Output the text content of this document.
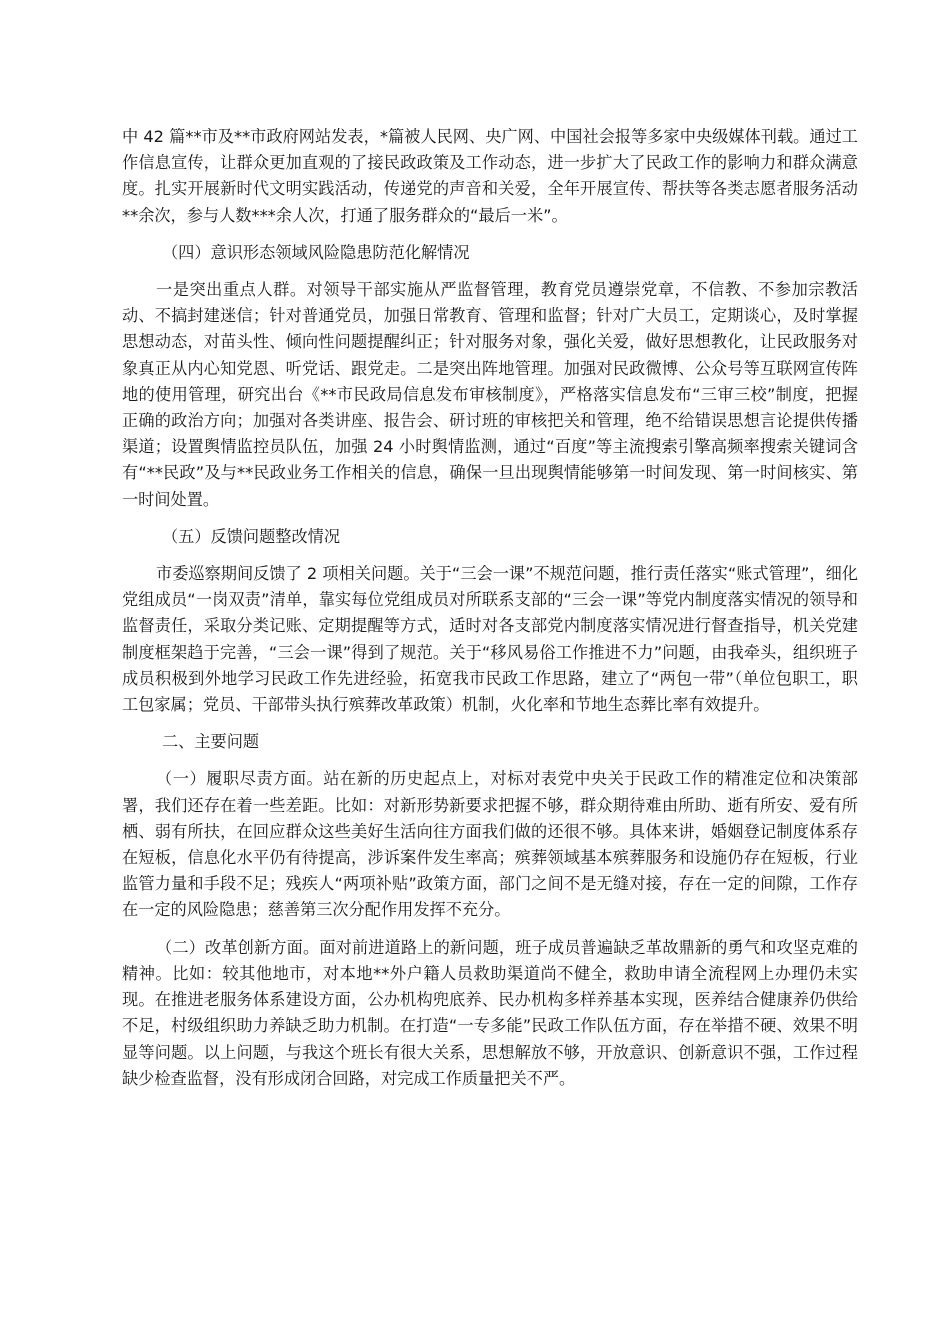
中 42 篇**市及**市政府网站发表，*篇被人民网、央广网、中国社会报等多家中央级媒体刊载。通过工作信息宣传，让群众更加直观的了接民政政策及工作动态，进一步扩大了民政工作的影响力和群众满意度。扎实开展新时代文明实践活动，传递党的声音和关爱，全年开展宣传、帮扶等各类志愿者服务活动**余次，参与人数***余人次，打通了服务群众的“最后一米”。

（四）意识形态领域风险隐患防范化解情况

一是突出重点人群。对领导干部实施从严监督管理，教育党员遵崇党章，不信教、不参加宗教活动、不搞封建迷信；针对普通党员，加强日常教育、管理和监督；针对广大员工，定期谈心，及时掌握思想动态，对苗头性、倾向性问题提醒纠正；针对服务对象，强化关爱，做好思想教化，让民政服务对象真正从内心知党恩、听党话、跟党走。二是突出阵地管理。加强对民政微博、公众号等互联网宣传阵地的使用管理，研究出台《**市民政局信息发布审核制度》，严格落实信息发布“三审三校”制度，把握正确的政治方向；加强对各类讲座、报告会、研讨班的审核把关和管理，绝不给错误思想言论提供传播渠道；设置舆情监控员队伍，加强 24 小时舆情监测，通过“百度”等主流搜索引擎高频率搜索关键词含有“**民政”及与**民政业务工作相关的信息，确保一旦出现舆情能够第一时间发现、第一时间核实、第一时间处置。

（五）反馈问题整改情况

市委巡察期间反馈了 2 项相关问题。关于“三会一课”不规范问题，推行责任落实“账式管理”，细化党组成员“一岗双责”清单，靠实每位党组成员对所联系支部的“三会一课”等党内制度落实情况的领导和监督责任，采取分类记账、定期提醒等方式，适时对各支部党内制度落实情况进行督查指导，机关党建制度框架趋于完善，“三会一课”得到了规范。关于“移风易俗工作推进不力”问题，由我牵头，组织班子成员积极到外地学习民政工作先进经验，拓宽我市民政工作思路，建立了“两包一带”（单位包职工，职工包家属；党员、干部带头执行殡葬改革政策）机制，火化率和节地生态葬比率有效提升。

二、主要问题

（一）履职尽责方面。站在新的历史起点上，对标对表党中央关于民政工作的精准定位和决策部署，我们还存在着一些差距。比如：对新形势新要求把握不够，群众期待难由所助、逝有所安、爱有所栖、弱有所扶，在回应群众这些美好生活向往方面我们做的还很不够。具体来讲，婚姻登记制度体系存在短板，信息化水平仍有待提高，涉诉案件发生率高；殡葬领域基本殡葬服务和设施仍存在短板，行业监管力量和手段不足；残疾人“两项补贴”政策方面，部门之间不是无缝对接，存在一定的间隙，工作存在一定的风险隐患；慈善第三次分配作用发挥不充分。

（二）改革创新方面。面对前进道路上的新问题，班子成员普遍缺乏革故鼎新的勇气和攻坚克难的精神。比如：较其他地市，对本地**外户籍人员救助渠道尚不健全，救助申请全流程网上办理仍未实现。在推进老服务体系建设方面，公办机构兜底养、民办机构多样养基本实现，医养结合健康养仍供给不足，村级组织助力养缺乏助力机制。在打造“一专多能”民政工作队伍方面，存在举措不硬、效果不明显等问题。以上问题，与我这个班长有很大关系，思想解放不够，开放意识、创新意识不强，工作过程缺少检查监督，没有形成闭合回路，对完成工作质量把关不严。
